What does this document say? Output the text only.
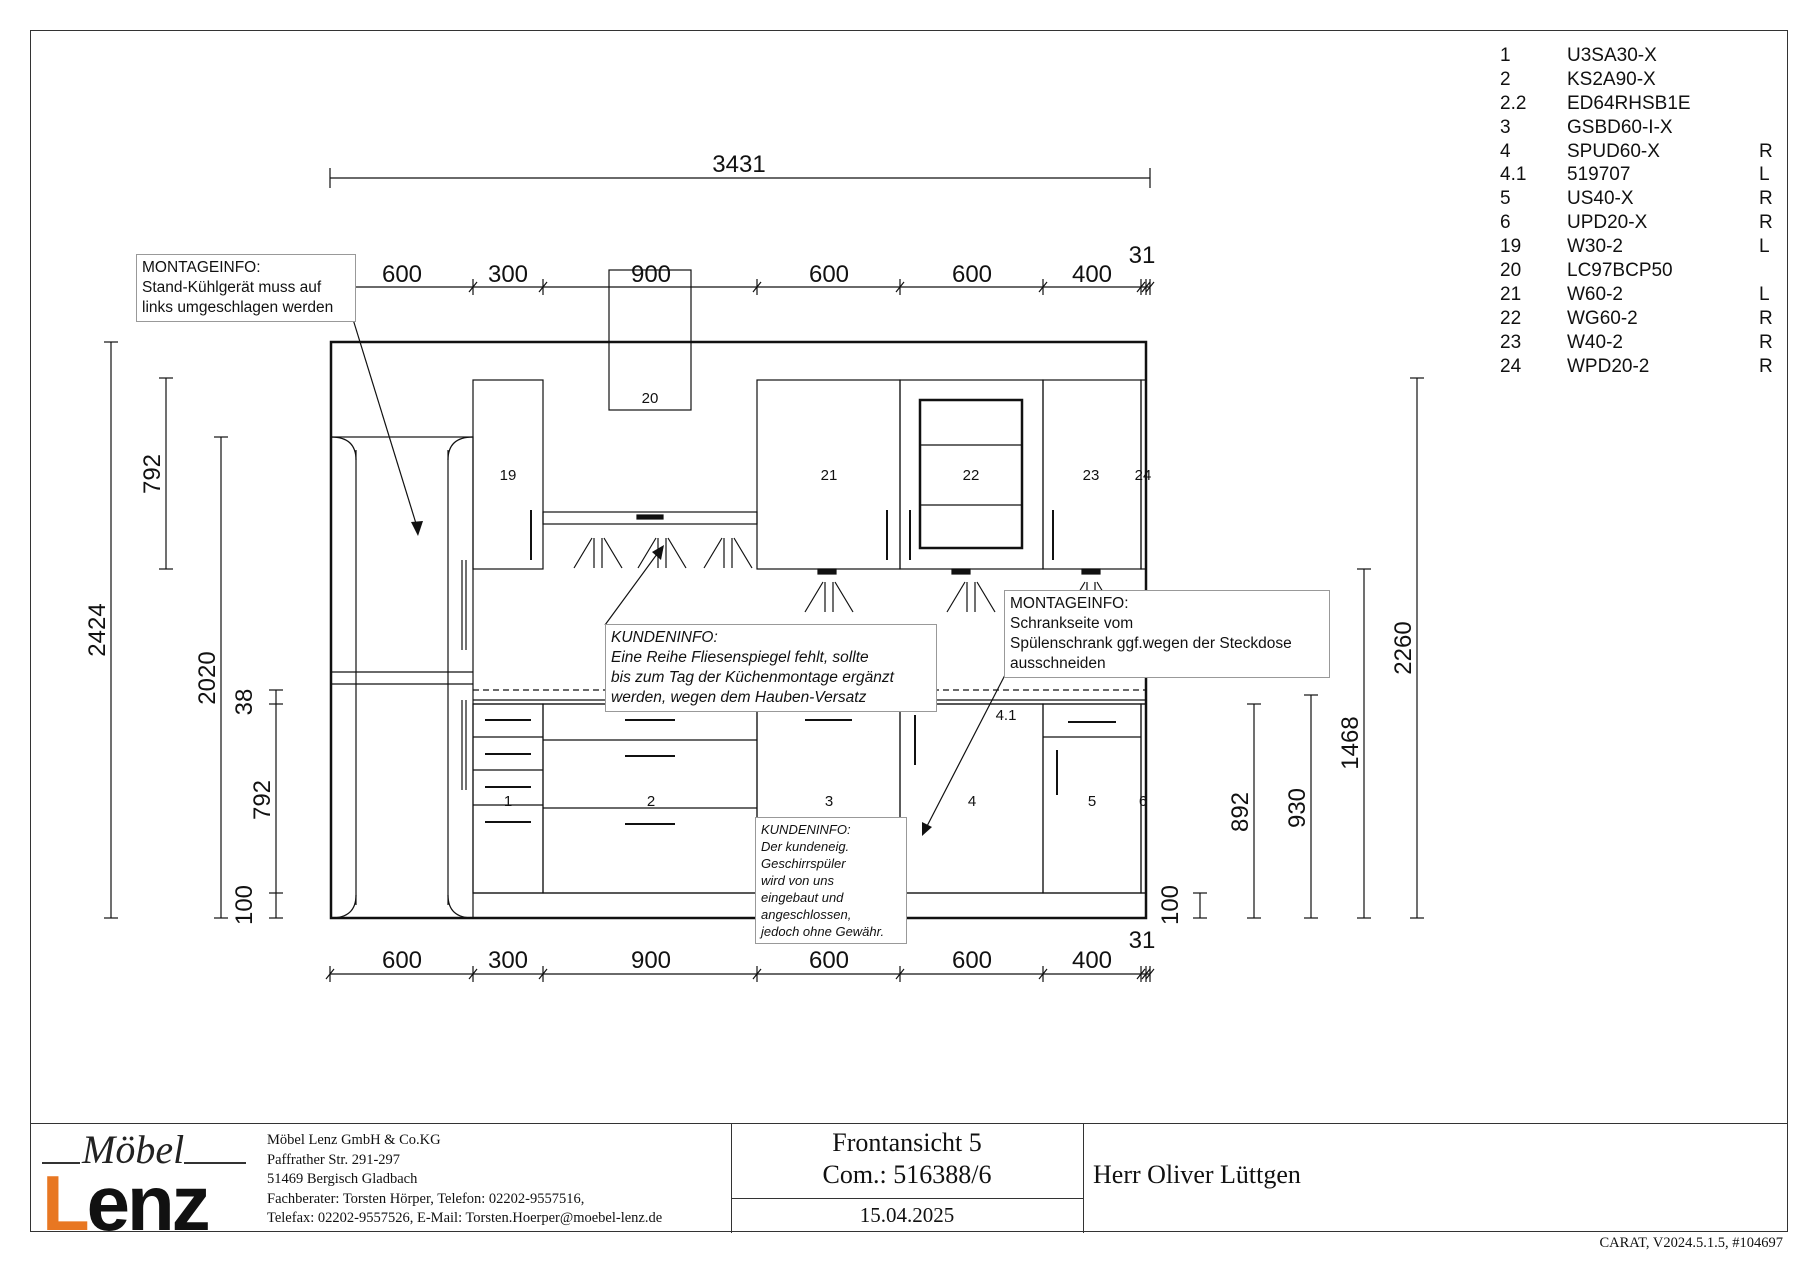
3431
600	300	900	600	600	400
31
600	300	900	600	600	400
31
2424
792
2020 38
792
100	100
892 930
1468
2260
19
20
21	22	23 24
1	2	3	4
4.1
5	6
MONTAGEINFO:
Stand-Kühlgerät muss auf
links umgeschlagen werden
KUNDENINFO:
Eine Reihe Fliesenspiegel fehlt, sollte
bis zum Tag der Küchenmontage ergänzt
werden, wegen dem Hauben-Versatz
MONTAGEINFO:
Schrankseite vom
Spülenschrank ggf.wegen der Steckdose
ausschneiden
KUNDENINFO:
Der kundeneig.
Geschirrspüler
wird von uns
eingebaut und
angeschlossen,
jedoch ohne Gewähr.
1	U3SA30-X
2	KS2A90-X
2.2 ED64RHSB1E
3	GSBD60-I-X
4	SPUD60-X	R
4.1 519707	L
5	US40-X	R
6	UPD20-X	R
19 W30-2	L
20 LC97BCP50
21 W60-2	L
22 WG60-2	R
23 W40-2	R
24 WPD20-2	R
Möbel
Lenz
Möbel Lenz GmbH & Co.KG
Paffrather Str. 291-297
51469 Bergisch Gladbach
Fachberater: Torsten Hörper, Telefon: 02202-9557516,
Telefax: 02202-9557526, E-Mail: Torsten.Hoerper@moebel-lenz.de
Frontansicht 5
Com.: 516388/6
15.04.2025
Herr Oliver Lüttgen
CARAT, V2024.5.1.5, #104697
